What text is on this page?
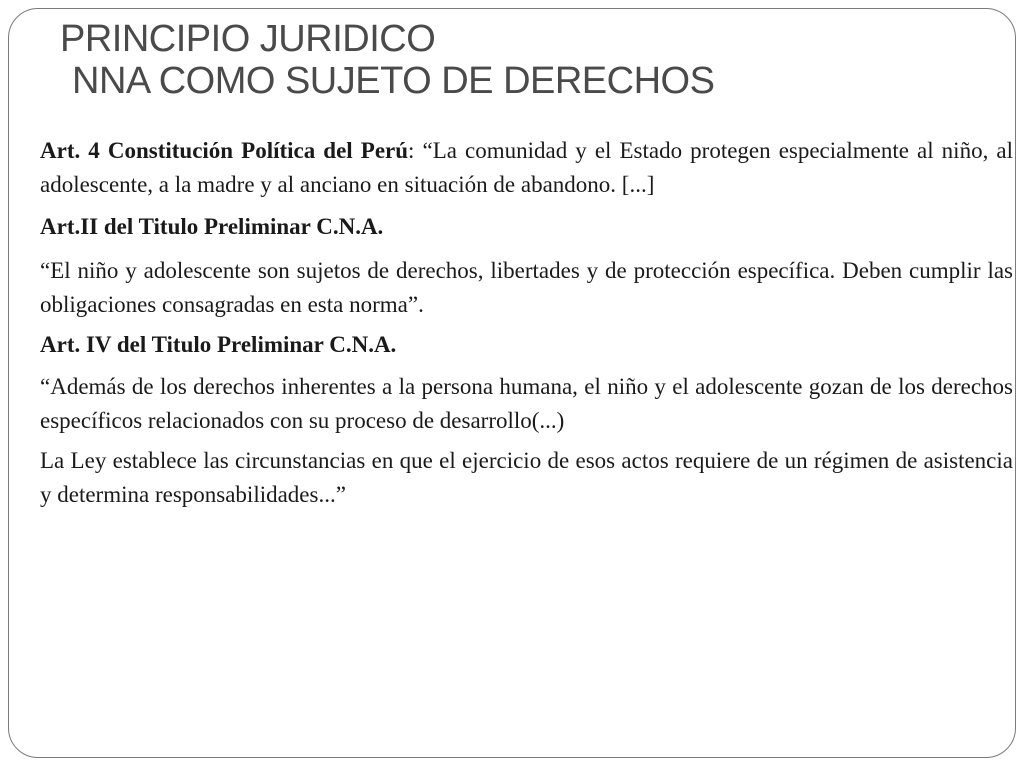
PRINCIPIO JURIDICO
NNA COMO SUJETO DE DERECHOS

Art. 4 Constitución Política del Perú: “La comunidad y el Estado protegen especialmente al niño, al adolescente, a la madre y al anciano en situación de abandono. [...]

Art.II del Titulo Preliminar C.N.A.

“El niño y adolescente son sujetos de derechos, libertades y de protección específica. Deben cumplir las obligaciones consagradas en esta norma”.

Art. IV del Titulo Preliminar C.N.A.

“Además de los derechos inherentes a la persona humana, el niño y el adolescente gozan de los derechos específicos relacionados con su proceso de desarrollo(...)

La Ley establece las circunstancias en que el ejercicio de esos actos requiere de un régimen de asistencia y determina responsabilidades...”
